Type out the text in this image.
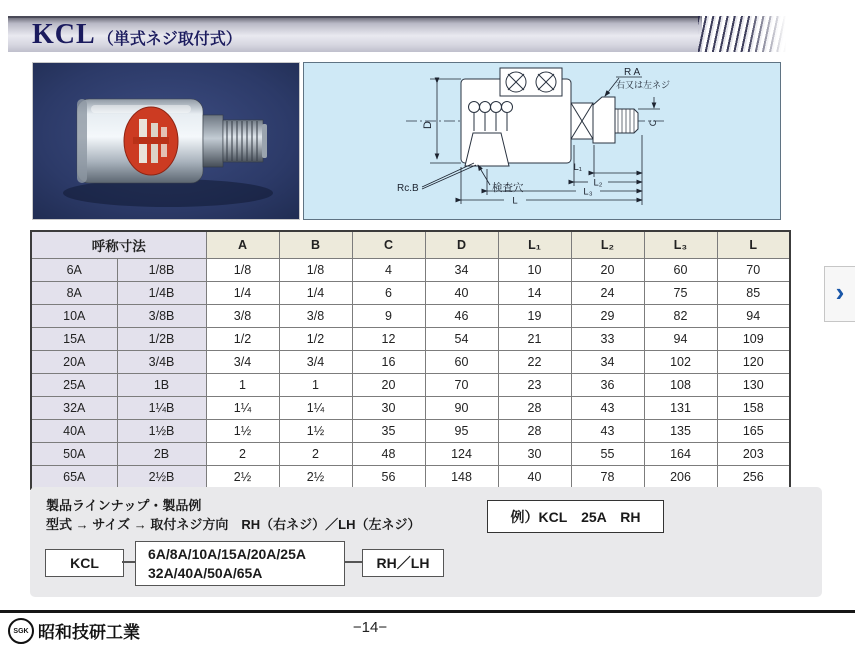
KCL （単式ネジ取付式）
D
R A
右又は左ネジ
C
検査穴
Rc.B
L₁
L₂
L₃
L
呼称寸法		A	B	C	D	L₁	L₂	L₃	L
6A	1/8B	1/8	1/8	4	34	10	20	60	70
8A	1/4B	1/4	1/4	6	40	14	24	75	85
10A	3/8B	3/8	3/8	9	46	19	29	82	94
15A	1/2B	1/2	1/2	12	54	21	33	94	109
20A	3/4B	3/4	3/4	16	60	22	34	102	120
25A	1B	1	1	20	70	23	36	108	130
32A	1¼B	1¼	1¼	30	90	28	43	131	158
40A	1½B	1½	1½	35	95	28	43	135	165
50A	2B	2	2	48	124	30	55	164	203
65A	2½B	2½	2½	56	148	40	78	206	256
製品ラインナップ・製品例
型式 → サイズ → 取付ネジ方向　RH（右ネジ）／LH（左ネジ）	例）KCL　25A　RH
KCL
6A/8A/10A/15A/20A/25A
32A/40A/50A/65A
RH／LH
›
SGK 昭和技研工業	−14−
